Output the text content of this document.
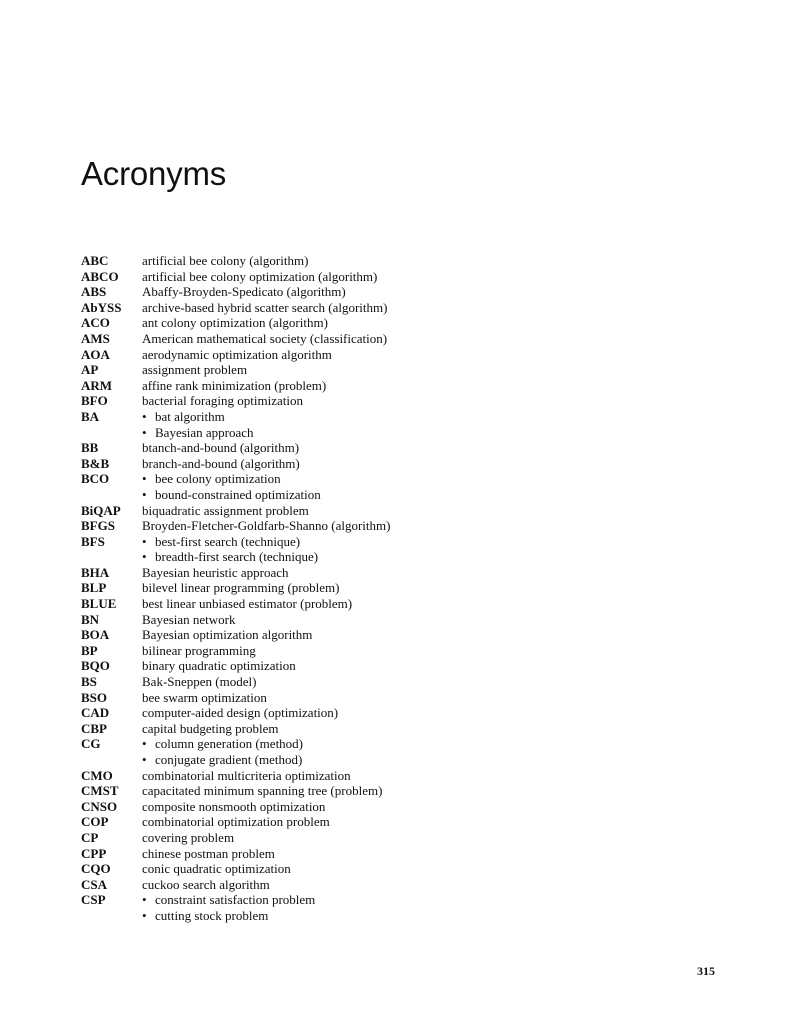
Acronyms
ABC	artificial bee colony (algorithm)
ABCO	artificial bee colony optimization (algorithm)
ABS	Abaffy-Broyden-Spedicato (algorithm)
AbYSS	archive-based hybrid scatter search (algorithm)
ACO	ant colony optimization (algorithm)
AMS	American mathematical society (classification)
AOA	aerodynamic optimization algorithm
AP	assignment problem
ARM	affine rank minimization (problem)
BFO	bacterial foraging optimization
BA	• bat algorithm
• Bayesian approach
BB	btanch-and-bound (algorithm)
B&B	branch-and-bound (algorithm)
BCO	• bee colony optimization
• bound-constrained optimization
BiQAP	biquadratic assignment problem
BFGS	Broyden-Fletcher-Goldfarb-Shanno (algorithm)
BFS	• best-first search (technique)
• breadth-first search (technique)
BHA	Bayesian heuristic approach
BLP	bilevel linear programming (problem)
BLUE	best linear unbiased estimator (problem)
BN	Bayesian network
BOA	Bayesian optimization algorithm
BP	bilinear programming
BQO	binary quadratic optimization
BS	Bak-Sneppen (model)
BSO	bee swarm optimization
CAD	computer-aided design (optimization)
CBP	capital budgeting problem
CG	• column generation (method)
• conjugate gradient (method)
CMO	combinatorial multicriteria optimization
CMST	capacitated minimum spanning tree (problem)
CNSO	composite nonsmooth optimization
COP	combinatorial optimization problem
CP	covering problem
CPP	chinese postman problem
CQO	conic quadratic optimization
CSA	cuckoo search algorithm
CSP	• constraint satisfaction problem
• cutting stock problem
315
